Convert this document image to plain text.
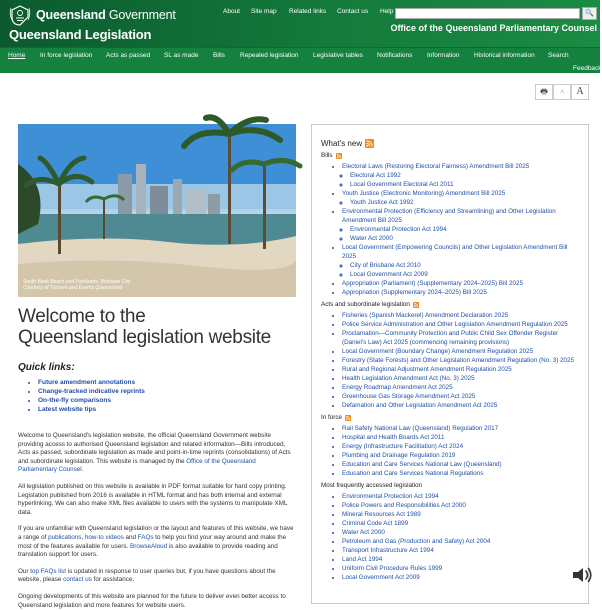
Queensland Government
Queensland Legislation
About Site map Related links Contact us Help	🔍
Office of the Queensland Parliamentary Counsel
Home In force legislation Acts as passed SL as made Bills Repealed legislation Legislative tables Notifications Information Historical information Search
Feedback
🖶	A	A
South Bank Beach and Parklands, Brisbane City
Courtesy of Tourism and Events Queensland
Welcome to the
Queensland legislation website
Quick links:
• Future amendment annotations
• Change-tracked indicative reprints
• On-the-fly comparisons
• Latest website tips

Welcome to Queensland's legislation website, the official Queensland Government website providing access to authorised Queensland legislation and related information—Bills introduced, Acts as passed, subordinate legislation as made and point-in-time reprints (consolidations) of Acts and subordinate legislation. This website is managed by the Office of the Queensland Parliamentary Counsel.

All legislation published on this website is available in PDF format suitable for hard copy printing. Legislation published from 2016 is available in HTML format and has both internal and external hyperlinking. We can also make XML files available to users with the systems to manipulate XML data.

If you are unfamiliar with Queensland legislation or the layout and features of this website, we have a range of publications, how-to videos and FAQs to help you find your way around and make the most of the features available for users. BrowseAloud is also available to provide reading and translation support for users.

Our top FAQs list is updated in response to user queries but, if you have questions about the website, please contact us for assistance.

Ongoing developments of this website are planned for the future to deliver even better access to Queensland legislation and more features for website users.

What's new
Bills
• Electoral Laws (Restoring Electoral Fairness) Amendment Bill 2025
◦ Electoral Act 1992
◦ Local Government Electoral Act 2011
• Youth Justice (Electronic Monitoring) Amendment Bill 2025
◦ Youth Justice Act 1992
• Environmental Protection (Efficiency and Streamlining) and Other Legislation Amendment Bill 2025
◦ Environmental Protection Act 1994
◦ Water Act 2000
• Local Government (Empowering Councils) and Other Legislation Amendment Bill 2025
◦ City of Brisbane Act 2010
◦ Local Government Act 2009
• Appropriation (Parliament) (Supplementary 2024–2025) Bill 2025
• Appropriation (Supplementary 2024–2025) Bill 2025
Acts and subordinate legislation
• Fisheries (Spanish Mackerel) Amendment Declaration 2025
• Police Service Administration and Other Legislation Amendment Regulation 2025
• Proclamation—Community Protection and Public Child Sex Offender Register (Daniel's Law) Act 2025 (commencing remaining provisions)
• Local Government (Boundary Change) Amendment Regulation 2025
• Forestry (State Forests) and Other Legislation Amendment Regulation (No. 3) 2025
• Rural and Regional Adjustment Amendment Regulation 2025
• Health Legislation Amendment Act (No. 3) 2025
• Energy Roadmap Amendment Act 2025
• Greenhouse Gas Storage Amendment Act 2025
• Defamation and Other Legislation Amendment Act 2025
In force
• Rail Safety National Law (Queensland) Regulation 2017
• Hospital and Health Boards Act 2011
• Energy (Infrastructure Facilitation) Act 2024
• Plumbing and Drainage Regulation 2019
• Education and Care Services National Law (Queensland)
• Education and Care Services National Regulations
Most frequently accessed legislation
• Environmental Protection Act 1994
• Police Powers and Responsibilities Act 2000
• Mineral Resources Act 1989
• Criminal Code Act 1899
• Water Act 2000
• Petroleum and Gas (Production and Safety) Act 2004
• Transport Infrastructure Act 1994
• Land Act 1994
• Uniform Civil Procedure Rules 1999
• Local Government Act 2009
